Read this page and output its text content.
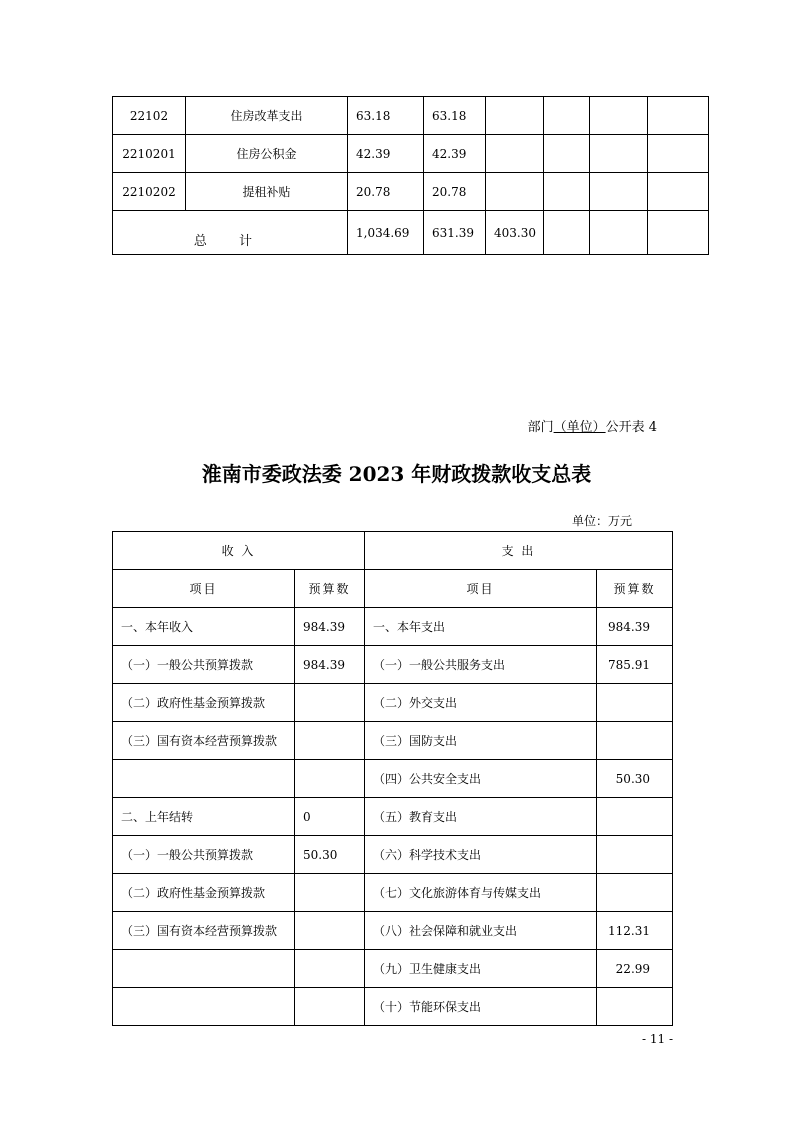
22102	住房改革支出	63.18	63.18				
2210201	住房公积金	42.39	42.39				
2210202	提租补贴	20.78	20.78				
总 计		1,034.69	631.39	403.30			
部门（单位）公开表 4
淮南市委政法委 2023 年财政拨款收支总表
单位：万元
收 入		支 出	
项目	预算数	项目	预算数
一、本年收入	984.39	一、本年支出	984.39
（一）一般公共预算拨款	984.39	（一）一般公共服务支出	785.91
（二）政府性基金预算拨款		（二）外交支出	
（三）国有资本经营预算拨款		（三）国防支出	
		（四）公共安全支出	50.30
二、上年结转	0	（五）教育支出	
（一）一般公共预算拨款	50.30	（六）科学技术支出	
（二）政府性基金预算拨款		（七）文化旅游体育与传媒支出	
（三）国有资本经营预算拨款		（八）社会保障和就业支出	112.31
		（九）卫生健康支出	22.99
		（十）节能环保支出	
- 11 -
